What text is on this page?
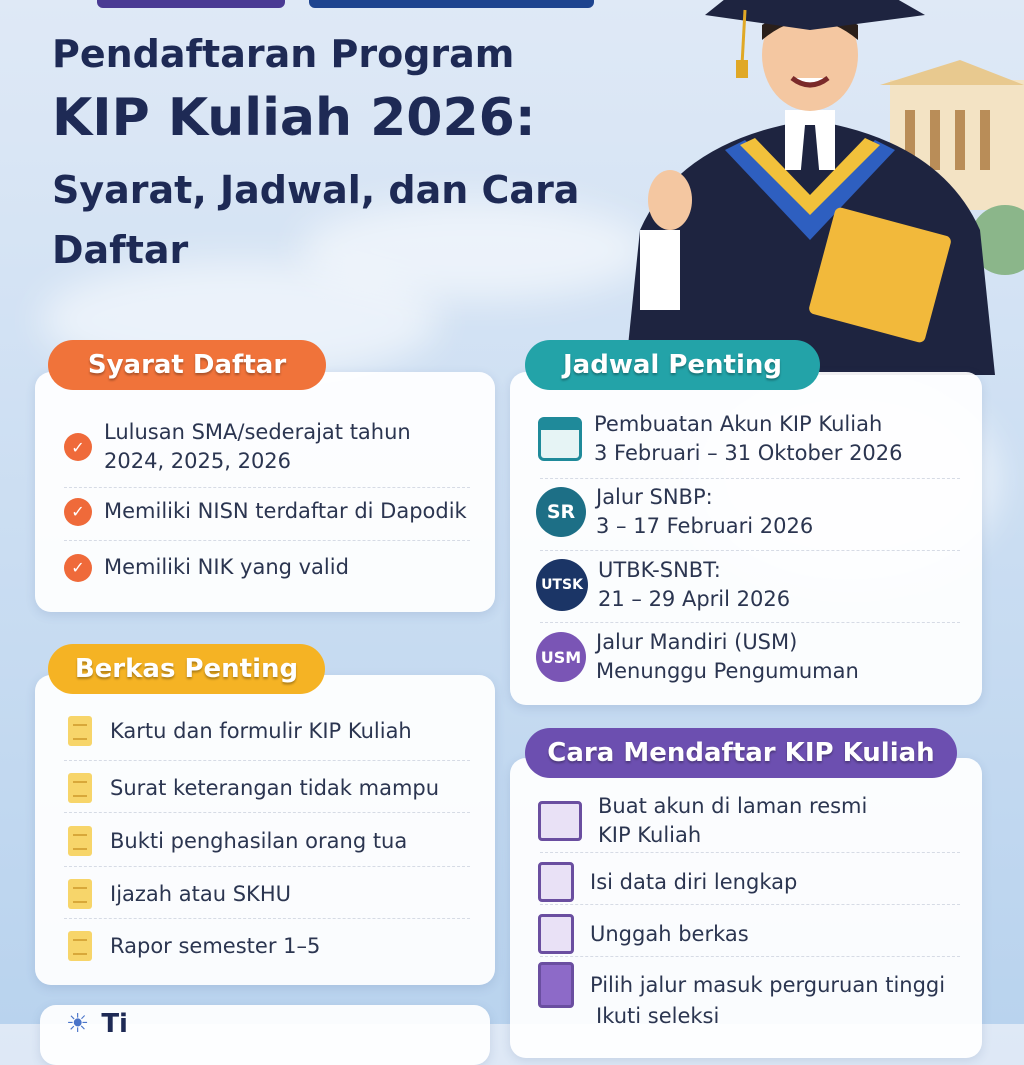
Pendaftaran Program
KIP Kuliah 2026:
Syarat, Jadwal, dan Cara
Daftar
Syarat Daftar
✓
Lulusan SMA/sederajat tahun 2024, 2025, 2026
✓ Memiliki NISN terdaftar di Dapodik
✓ Memiliki NIK yang valid
Berkas Penting
Kartu dan formulir KIP Kuliah
Surat keterangan tidak mampu
Bukti penghasilan orang tua
Ijazah atau SKHU
Rapor semester 1–5
☀ Ti
Jadwal Penting
Pembuatan Akun KIP Kuliah
3 Februari – 31 Oktober 2026
SR
Jalur SNBP:
3 – 17 Februari 2026
UTSK
UTBK-SNBT:
21 – 29 April 2026
USM
Jalur Mandiri (USM)
Menunggu Pengumuman
Cara Mendaftar KIP Kuliah
Buat akun di laman resmi KIP Kuliah
Isi data diri lengkap
Unggah berkas
Pilih jalur masuk perguruan tinggi
Ikuti seleksi
